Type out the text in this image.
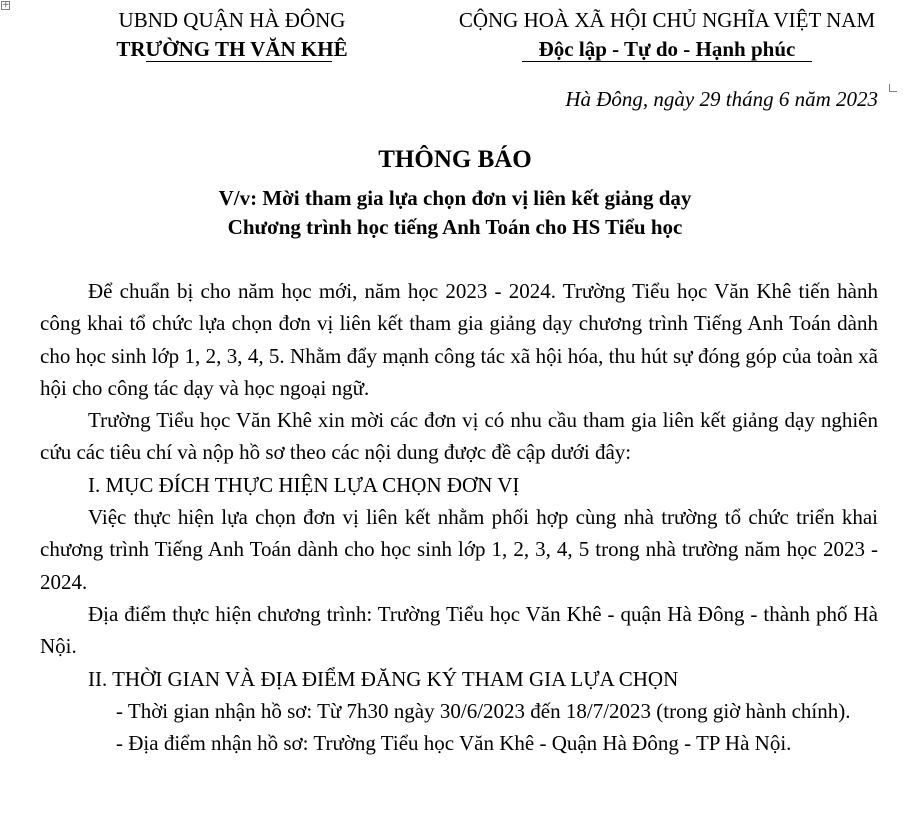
+
UBND QUẬN HÀ ĐÔNG
TRƯỜNG TH VĂN KHÊ
CỘNG HOÀ XÃ HỘI CHỦ NGHĨA VIỆT NAM
Độc lập - Tự do - Hạnh phúc
Hà Đông, ngày 29 tháng 6 năm 2023
THÔNG BÁO
V/v: Mời tham gia lựa chọn đơn vị liên kết giảng dạy
Chương trình học tiếng Anh Toán cho HS Tiểu học

Để chuẩn bị cho năm học mới, năm học 2023 - 2024. Trường Tiểu học Văn Khê tiến hành công khai tổ chức lựa chọn đơn vị liên kết tham gia giảng dạy chương trình Tiếng Anh Toán dành cho học sinh lớp 1, 2, 3, 4, 5. Nhằm đẩy mạnh công tác xã hội hóa, thu hút sự đóng góp của toàn xã hội cho công tác dạy và học ngoại ngữ.

Trường Tiểu học Văn Khê xin mời các đơn vị có nhu cầu tham gia liên kết giảng dạy nghiên cứu các tiêu chí và nộp hồ sơ theo các nội dung được đề cập dưới đây:

I. MỤC ĐÍCH THỰC HIỆN LỰA CHỌN ĐƠN VỊ

Việc thực hiện lựa chọn đơn vị liên kết nhằm phối hợp cùng nhà trường tổ chức triển khai chương trình Tiếng Anh Toán dành cho học sinh lớp 1, 2, 3, 4, 5 trong nhà trường năm học 2023 - 2024.

Địa điểm thực hiện chương trình: Trường Tiểu học Văn Khê - quận Hà Đông - thành phố Hà Nội.

II. THỜI GIAN VÀ ĐỊA ĐIỂM ĐĂNG KÝ THAM GIA LỰA CHỌN

- Thời gian nhận hồ sơ: Từ 7h30 ngày 30/6/2023 đến 18/7/2023 (trong giờ hành chính).

- Địa điểm nhận hồ sơ: Trường Tiểu học Văn Khê - Quận Hà Đông - TP Hà Nội.
